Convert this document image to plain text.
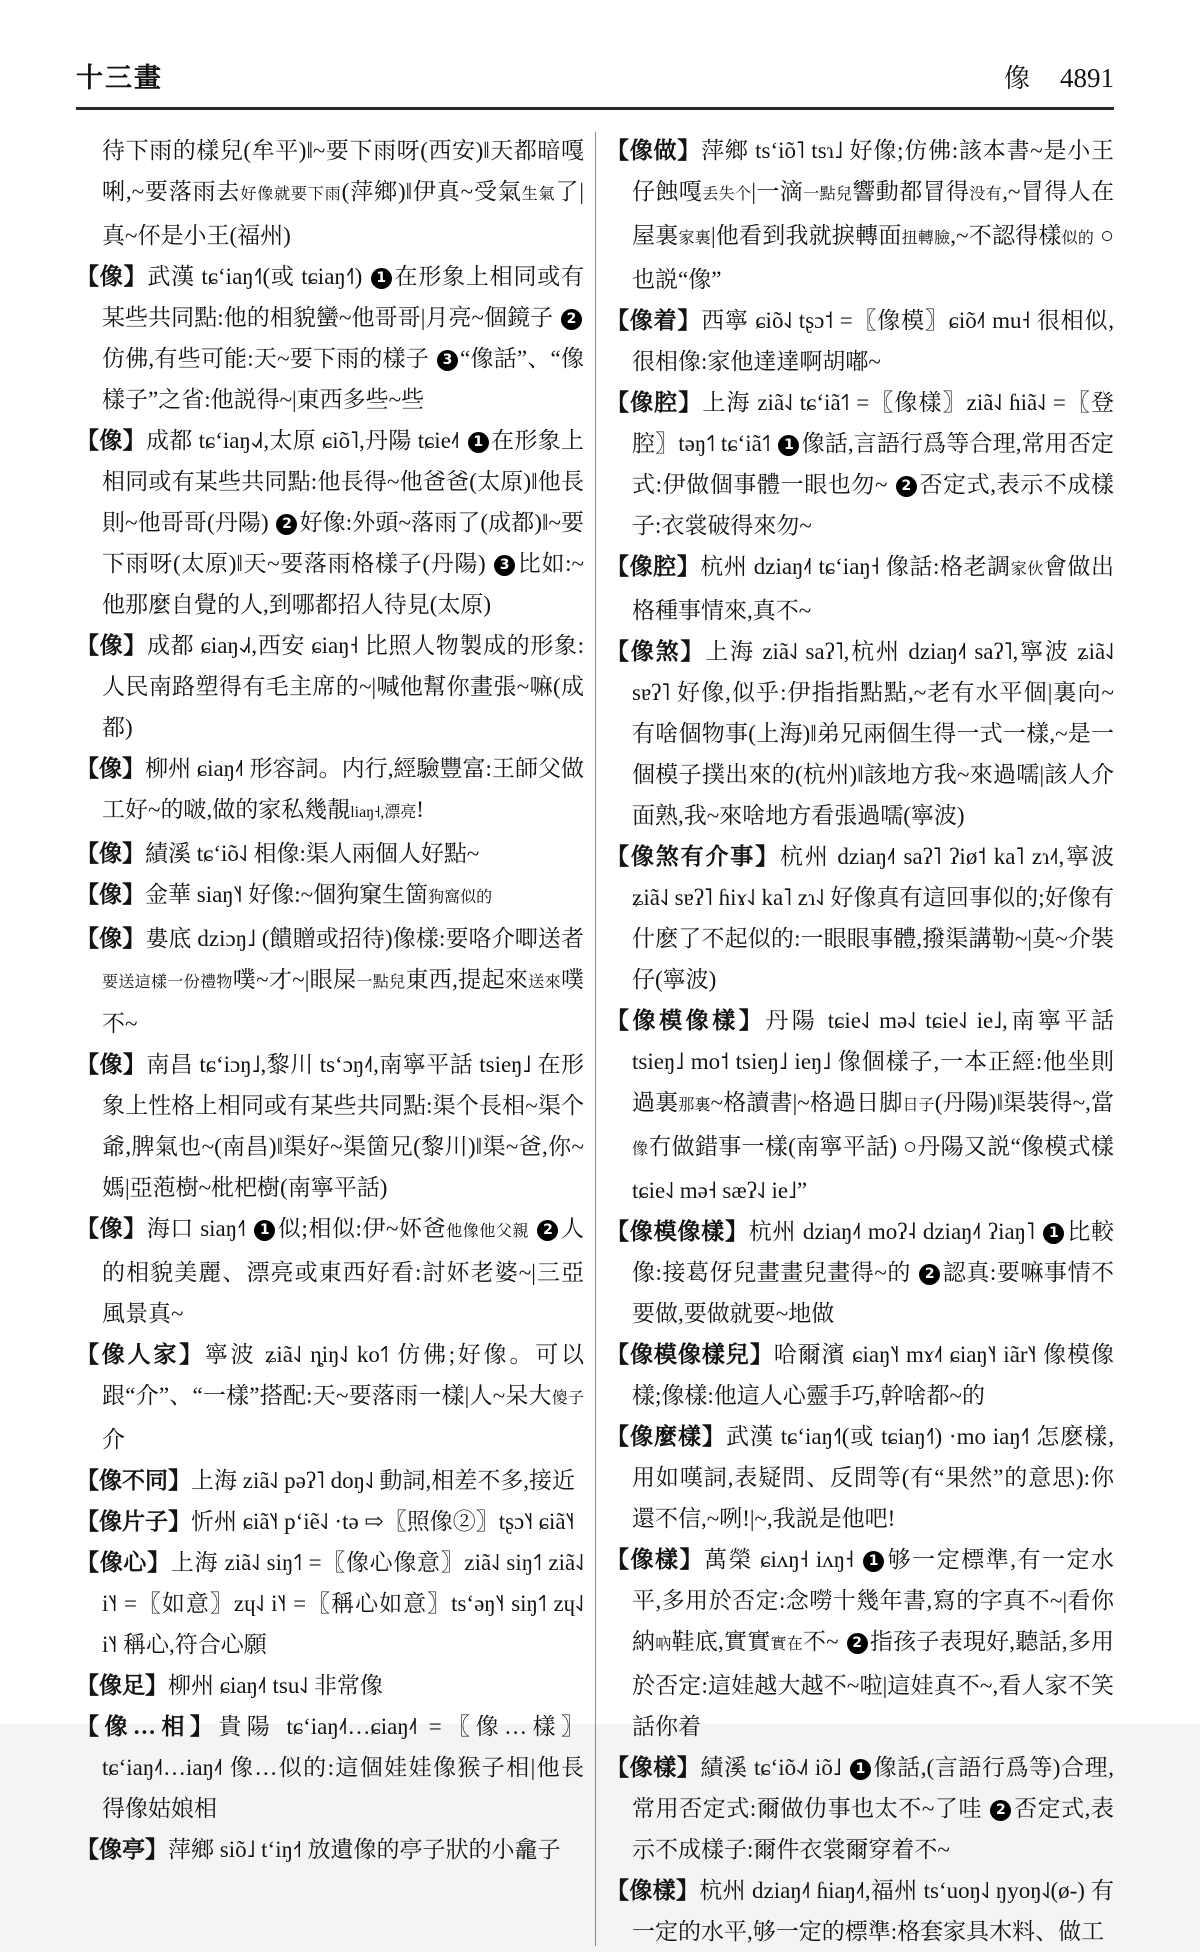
十三畫	像 4891

待下雨的樣兒(牟平)‖~要下雨呀(西安)‖天都暗嘎唎,~要落雨去好像就要下雨(萍鄉)‖伊真~受氣生氣了|真~伓是小王(福州)

【像】武漢 tɕʻiaŋ˧˥(或 tɕiaŋ˧˥) 1 在形象上相同或有某些共同點:他的相貌蠻~他哥哥|月亮~個鏡子 2仿佛,有些可能:天~要下雨的樣子 3 “像話”、“像樣子”之省:他説得~|東西多些~些

【像】成都 tɕʻiaŋ˨˩˧,太原 ɕiõ˥,丹陽 tɕie˨˦ 1 在形象上相同或有某些共同點:他長得~他爸爸(太原)‖他長則~他哥哥(丹陽) 2 好像:外頭~落雨了(成都)‖~要下雨呀(太原)‖天~要落雨格樣子(丹陽) 3 比如:~他那麼自覺的人,到哪都招人待見(太原)

【像】成都 ɕiaŋ˨˩˧,西安 ɕiaŋ˧ 比照人物製成的形象:人民南路塑得有毛主席的~|喊他幫你畫張~嘛(成都)

【像】柳州 ɕiaŋ˨˦ 形容詞。内行,經驗豐富:王師父做工好~的啵,做的家私幾靚liaŋ˧,漂亮!

【像】績溪 tɕʻiõ˨˩ 相像:渠人兩個人好點~

【像】金華 siaŋ˥˧ 好像:~個狗窠生箇狗窩似的

【像】婁底 dziɔŋ˩ (饋贈或招待)像樣:要咯介唧送者要送這樣一份禮物噗~才~|眼屎一點兒東西,提起來送來噗不~

【像】南昌 tɕʻiɔŋ˩,黎川 tsʻɔŋ˨˦,南寧平話 tsieŋ˩ 在形象上性格上相同或有某些共同點:渠个長相~渠个爺,脾氣也~(南昌)‖渠好~渠箇兄(黎川)‖渠~爸,你~媽|亞萢樹~枇杷樹(南寧平話)

【像】海口 siaŋ˧˥ 1 似;相似:伊~妚爸他像他父親 2 人的相貌美麗、漂亮或東西好看:討妚老婆~|三亞風景真~

【像人家】寧波 ʑiã˨˩ ȵiŋ˨˩ ko˦˥ 仿佛;好像。可以跟“介”、“一樣”搭配:天~要落雨一樣|人~呆大傻子介

【像不同】上海 ziã˨˩ pəʔ˥ doŋ˨˩ 動詞,相差不多,接近

【像片子】忻州 ɕiã˥˧ pʻiẽ˨˩ ·tə ⇨〖照像②〗tʂɔ˥˧ ɕiã˥˧

【像心】上海 ziã˨˩ siŋ˦˥ =〖像心像意〗ziã˨˩ siŋ˦˥ ziã˨˩ i˥˧ =〖如意〗zɥ˨˩ i˥˧ =〖稱心如意〗tsʻəŋ˥˧ siŋ˦˥ zɥ˨˩ i˥˧ 稱心,符合心願

【像足】柳州 ɕiaŋ˨˦ tsu˨˩ 非常像

【像…相】貴陽 tɕʻiaŋ˨˦…ɕiaŋ˨˦ =〖像…樣〗tɕʻiaŋ˨˦…iaŋ˨˦ 像…似的:這個娃娃像猴子相|他長得像姑娘相

【像亭】萍鄉 siõ˩ tʻiŋ˧˦ 放遺像的亭子狀的小龕子

【像做】萍鄉 tsʻiõ˥ tsɿ˩ 好像;仿佛:該本書~是小王仔蝕嘎丢失个|一滴一點兒響動都冒得没有,~冒得人在屋裏家裏|他看到我就捩轉面扭轉臉,~不認得樣似的 ○也説“像”

【像着】西寧 ɕiõ˨˩ tʂɔ˦ =〖像模〗ɕiõ˨˦ mu˧ 很相似,很相像:家他達達啊胡嘟~

【像腔】上海 ziã˨˩ tɕʻiã˦˥ =〖像樣〗ziã˨˩ ɦiã˨˩ =〖登腔〗təŋ˦˥ tɕʻiã˦˥ 1 像話,言語行爲等合理,常用否定式:伊做個事體一眼也勿~ 2 否定式,表示不成樣子:衣裳破得來勿~

【像腔】杭州 dziaŋ˨˦ tɕʻiaŋ˧ 像話:格老調家伙會做出格種事情來,真不~

【像煞】上海 ziã˨˩ saʔ˥,杭州 dziaŋ˨˦ saʔ˥,寧波 ʑiã˨˩ sɐʔ˥ 好像,似乎:伊指指點點,~老有水平個|裏向~有啥個物事(上海)‖弟兄兩個生得一式一樣,~是一個模子撲出來的(杭州)‖該地方我~來過嚅|該人介面熟,我~來啥地方看張過嚅(寧波)

【像煞有介事】杭州 dziaŋ˨˦ saʔ˥ ʔiø˦ ka˥ zɿ˨˦,寧波 ʑiã˨˩ sɐʔ˥ ɦiɤ˨˩ ka˥ zɿ˨˩ 好像真有這回事似的;好像有什麽了不起似的:一眼眼事體,撥渠講勒~|莫~介裝仔(寧波)

【像模像樣】丹陽 tɕie˨˩ mə˨˩ tɕie˨˩ ie˩,南寧平話 tsieŋ˩ mo˦ tsieŋ˩ ieŋ˩ 像個樣子,一本正經:他坐則過裏那裏~格讀書|~格過日脚日子(丹陽)‖渠裝得~,當像冇做錯事一樣(南寧平話) ○丹陽又説“像模式樣 tɕie˨˩ mə˧ sæʔ˨˩ ie˩”

【像模像樣】杭州 dziaŋ˨˦ moʔ˨ dziaŋ˨˦ ʔiaŋ˥ 1 比較像:接葛伢兒畫畫兒畫得~的 2 認真:要嘛事情不要做,要做就要~地做

【像模像樣兒】哈爾濱 ɕiaŋ˥˧ mɤ˨˦ ɕiaŋ˥˧ iãr˥˧ 像模像樣;像樣:他這人心靈手巧,幹啥都~的

【像麼樣】武漢 tɕʻiaŋ˧˥(或 tɕiaŋ˧˥) ·mo iaŋ˧˥ 怎麽樣,用如嘆詞,表疑問、反問等(有“果然”的意思):你還不信,~咧!|~,我説是他吧!

【像樣】萬榮 ɕiʌŋ˧ iʌŋ˧ 1 够一定標準,有一定水平,多用於否定:念嘮十幾年書,寫的字真不~|看你納吶鞋底,實實實在不~ 2 指孩子表現好,聽話,多用於否定:這娃越大越不~啦|這娃真不~,看人家不笑話你着

【像樣】績溪 tɕʻiõ˨˩˦ iõ˩ 1 像話,(言語行爲等)合理,常用否定式:爾做仂事也太不~了哇 2 否定式,表示不成樣子:爾件衣裳爾穿着不~

【像樣】杭州 dziaŋ˨˦ ɦiaŋ˨˦,福州 tsʻuoŋ˨˩ ŋyoŋ˨˩(ø-) 有一定的水平,够一定的標準:格套家具木料、做工
